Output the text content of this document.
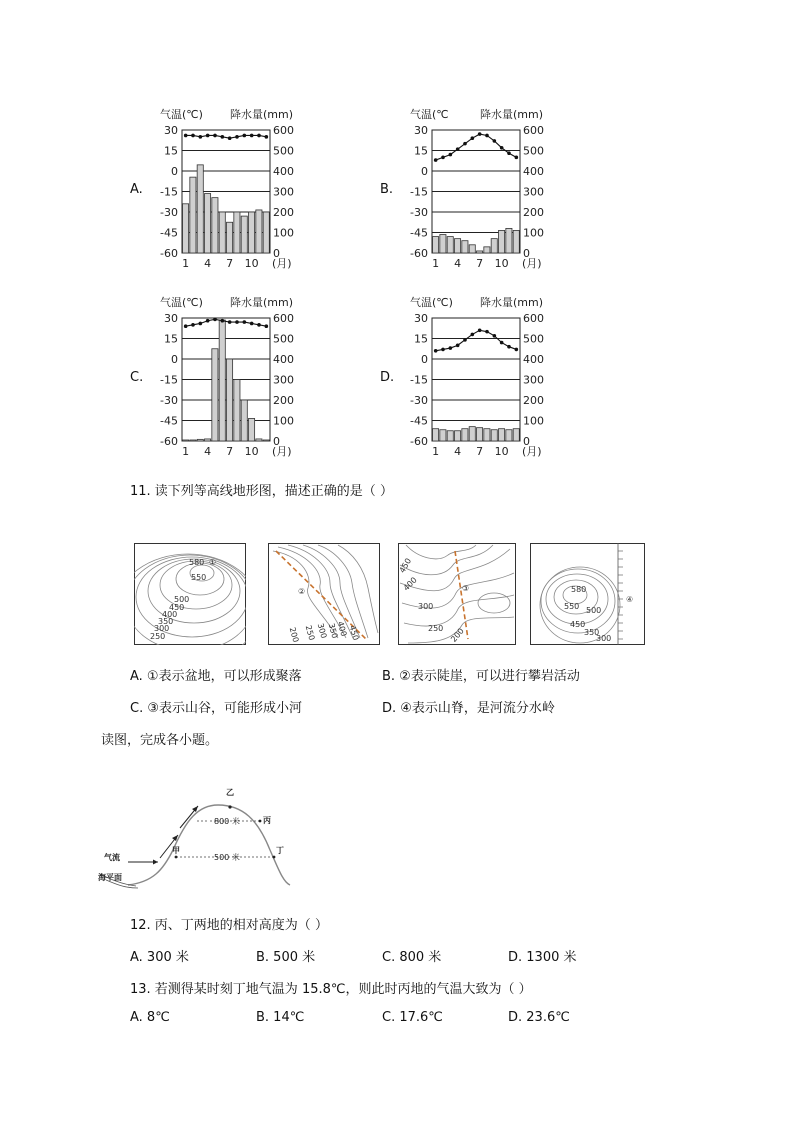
A.
气温(℃) 降水量(mm)
30
15
0
-15
-30
-45
-60
600
500
400
300
200
100
0
1 4 7 10 (月)
B.
气温(℃	降水量(mm)
30
15
0
-15
-30
-45
-60
600
500
400
300
200
100
0
1 4 7 10 (月)
C.
气温(℃) 降水量(mm)
30
15
0
-15
-30
-45
-60
600
500
400
300
200
100
0
1 4 7 10 (月)
D.
气温(℃) 降水量(mm)
30
15
0
-15
-30
-45
-60
600
500
400
300
200
100
0
1 4 7 10 (月)
11. 读下列等高线地形图，描述正确的是（ ）
580 ①
550
500
450
400
350
300
250
②
200 250 300
350
400 450
450
400
300
250 200
③	580
550 500
450
350
300
④
A. ①表示盆地，可以形成聚落	B. ②表示陡崖，可以进行攀岩活动
C. ③表示山谷，可能形成小河	D. ④表示山脊，是河流分水岭
读图，完成各小题。
乙
丙
丁
甲
气流
海平面
800 米
500 米
12. 丙、丁两地的相对高度为（ ）
A. 300 米	B. 500 米	C. 800 米	D. 1300 米
13. 若测得某时刻丁地气温为 15.8℃，则此时丙地的气温大致为（ ）
A. 8℃	B. 14℃	C. 17.6℃	D. 23.6℃
